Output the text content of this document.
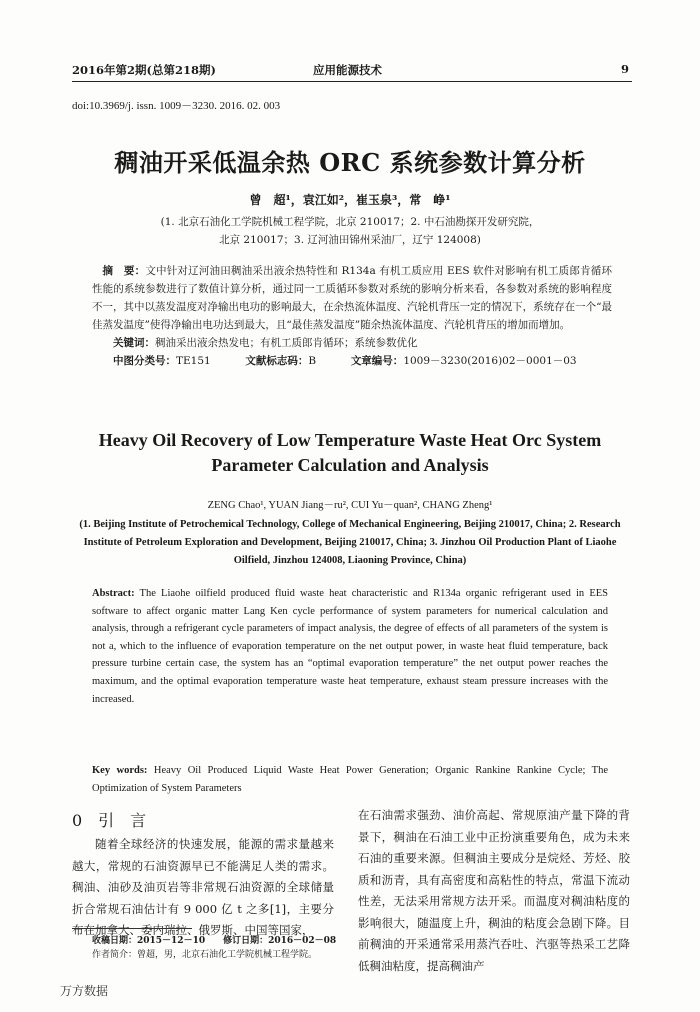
2016年第2期(总第218期)	应用能源技术	9
doi:10.3969/j. issn. 1009－3230. 2016. 02. 003
稠油开采低温余热 ORC 系统参数计算分析
曾　超¹，袁江如²，崔玉泉³，常　峥¹
(1. 北京石油化工学院机械工程学院，北京 210017；2. 中石油勘探开发研究院，
北京 210017；3. 辽河油田锦州采油厂，辽宁 124008)
摘　要：文中针对辽河油田稠油采出液余热特性和 R134a 有机工质应用 EES 软件对影响有机工质郎肯循环性能的系统参数进行了数值计算分析，通过同一工质循环参数对系统的影响分析来看，各参数对系统的影响程度不一，其中以蒸发温度对净输出电功的影响最大，在余热流体温度、汽轮机背压一定的情况下，系统存在一个“最佳蒸发温度”使得净输出电功达到最大，且“最佳蒸发温度”随余热流体温度、汽轮机背压的增加而增加。
关键词：稠油采出液余热发电；有机工质郎肯循环；系统参数优化
中图分类号：TE151	文献标志码：B	文章编号：1009－3230(2016)02－0001－03
Heavy Oil Recovery of Low Temperature Waste Heat Orc System
Parameter Calculation and Analysis
ZENG Chao¹, YUAN Jiang－ru², CUI Yu－quan², CHANG Zheng¹
(1. Beijing Institute of Petrochemical Technology, College of Mechanical Engineering, Beijing 210017, China; 2. Research Institute of Petroleum Exploration and Development, Beijing 210017, China; 3. Jinzhou Oil Production Plant of Liaohe Oilfield, Jinzhou 124008, Liaoning Province, China)
Abstract: The Liaohe oilfield produced fluid waste heat characteristic and R134a organic refrigerant used in EES software to affect organic matter Lang Ken cycle performance of system parameters for numerical calculation and analysis, through a refrigerant cycle parameters of impact analysis, the degree of effects of all parameters of the system is not a, which to the influence of evaporation temperature on the net output power, in waste heat fluid temperature, back pressure turbine certain case, the system has an “optimal evaporation temperature” the net output power reaches the maximum, and the optimal evaporation temperature waste heat temperature, exhaust steam pressure increases with the increased.
Key words: Heavy Oil Produced Liquid Waste Heat Power Generation; Organic Rankine Rankine Cycle; The Optimization of System Parameters
0　引　言

随着全球经济的快速发展，能源的需求量越来越大，常规的石油资源早已不能满足人类的需求。稠油、油砂及油页岩等非常规石油资源的全球储量折合常规石油估计有 9 000 亿 t 之多[1]，主要分布在加拿大、委内瑞拉、俄罗斯、中国等国家，

在石油需求强劲、油价高起、常规原油产量下降的背景下，稠油在石油工业中正扮演重要角色，成为未来石油的重要来源。但稠油主要成分是烷烃、芳烃、胶质和沥青，具有高密度和高粘性的特点，常温下流动性差，无法采用常规方法开采。而温度对稠油粘度的影响很大，随温度上升，稠油的粘度会急剧下降。目前稠油的开采通常采用蒸汽吞吐、汽驱等热采工艺降低稠油粘度，提高稠油产

收稿日期：2015－12－10　　修订日期：2016－02－08
作者简介：曾超，男，北京石油化工学院机械工程学院。
万方数据
